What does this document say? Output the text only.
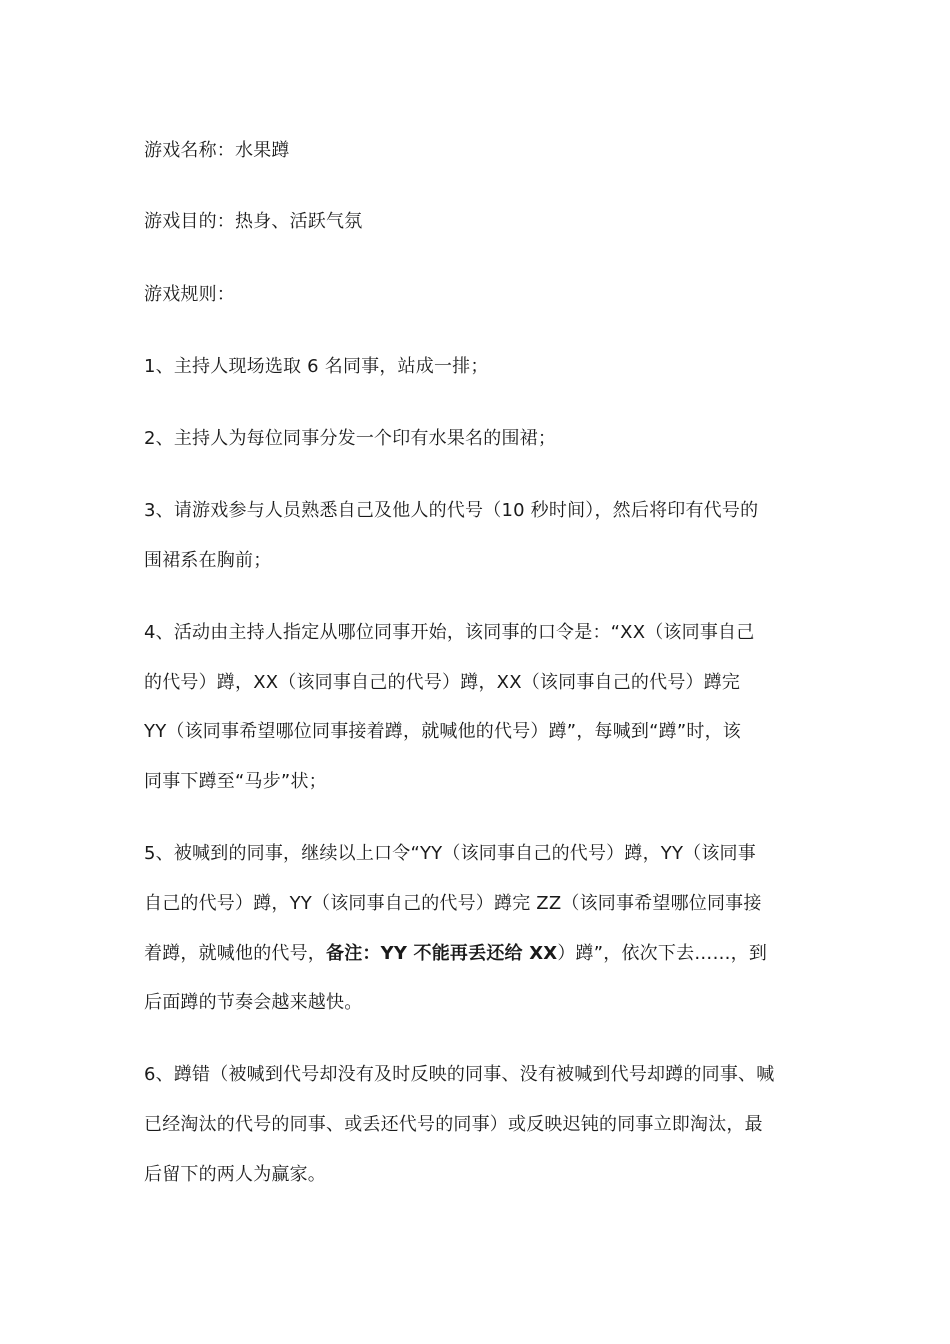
游戏名称：水果蹲
游戏目的：热身、活跃气氛
游戏规则：
1、主持人现场选取 6 名同事，站成一排；
2、主持人为每位同事分发一个印有水果名的围裙；
3、请游戏参与人员熟悉自己及他人的代号（10 秒时间），然后将印有代号的
围裙系在胸前；
4、活动由主持人指定从哪位同事开始，该同事的口令是：“XX（该同事自己
的代号）蹲，XX（该同事自己的代号）蹲，XX（该同事自己的代号）蹲完
YY（该同事希望哪位同事接着蹲，就喊他的代号）蹲”，每喊到“蹲”时，该
同事下蹲至“马步”状；
5、被喊到的同事，继续以上口令“YY（该同事自己的代号）蹲，YY（该同事
自己的代号）蹲，YY（该同事自己的代号）蹲完 ZZ（该同事希望哪位同事接
着蹲，就喊他的代号，备注：YY 不能再丢还给 XX）蹲”，依次下去……，到
后面蹲的节奏会越来越快。
6、蹲错（被喊到代号却没有及时反映的同事、没有被喊到代号却蹲的同事、喊
已经淘汰的代号的同事、或丢还代号的同事）或反映迟钝的同事立即淘汰，最
后留下的两人为赢家。
